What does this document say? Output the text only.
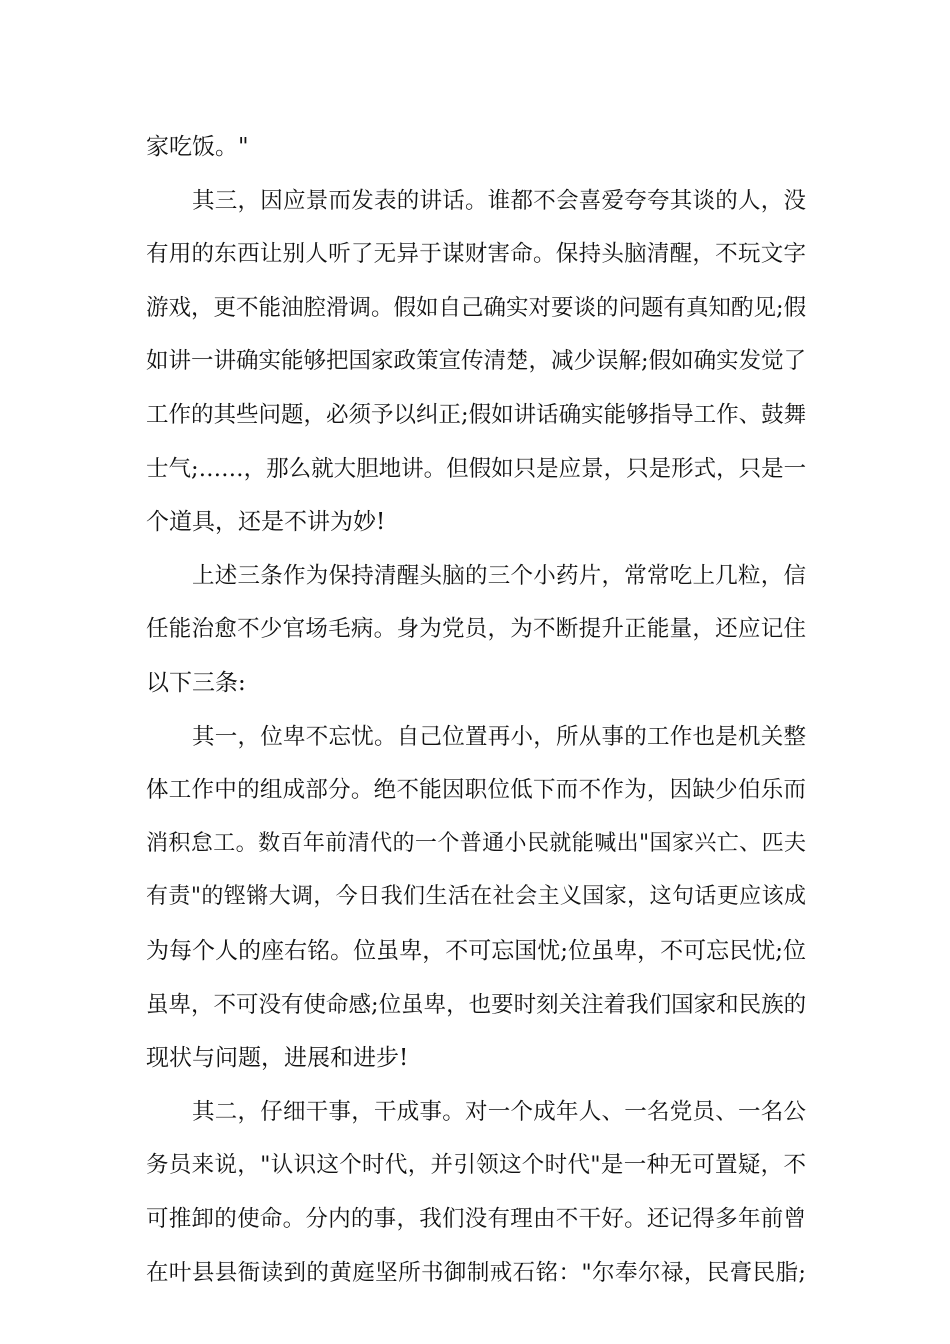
家吃饭。"
其三，因应景而发表的讲话。谁都不会喜爱夸夸其谈的人，没
有用的东西让别人听了无异于谋财害命。保持头脑清醒，不玩文字
游戏，更不能油腔滑调。假如自己确实对要谈的问题有真知酌见;假
如讲一讲确实能够把国家政策宣传清楚，减少误解;假如确实发觉了
工作的其些问题，必须予以纠正;假如讲话确实能够指导工作、鼓舞
士气;……，那么就大胆地讲。但假如只是应景，只是形式，只是一
个道具，还是不讲为妙!
上述三条作为保持清醒头脑的三个小药片，常常吃上几粒，信
任能治愈不少官场毛病。身为党员，为不断提升正能量，还应记住
以下三条:
其一，位卑不忘忧。自己位置再小，所从事的工作也是机关整
体工作中的组成部分。绝不能因职位低下而不作为，因缺少伯乐而
消积怠工。数百年前清代的一个普通小民就能喊出"国家兴亡、匹夫
有责"的铿锵大调，今日我们生活在社会主义国家，这句话更应该成
为每个人的座右铭。位虽卑，不可忘国忧;位虽卑，不可忘民忧;位
虽卑，不可没有使命感;位虽卑，也要时刻关注着我们国家和民族的
现状与问题，进展和进步!
其二，仔细干事，干成事。对一个成年人、一名党员、一名公
务员来说，"认识这个时代，并引领这个时代"是一种无可置疑，不
可推卸的使命。分内的事，我们没有理由不干好。还记得多年前曾
在叶县县衙读到的黄庭坚所书御制戒石铭："尔奉尔禄，民膏民脂;
